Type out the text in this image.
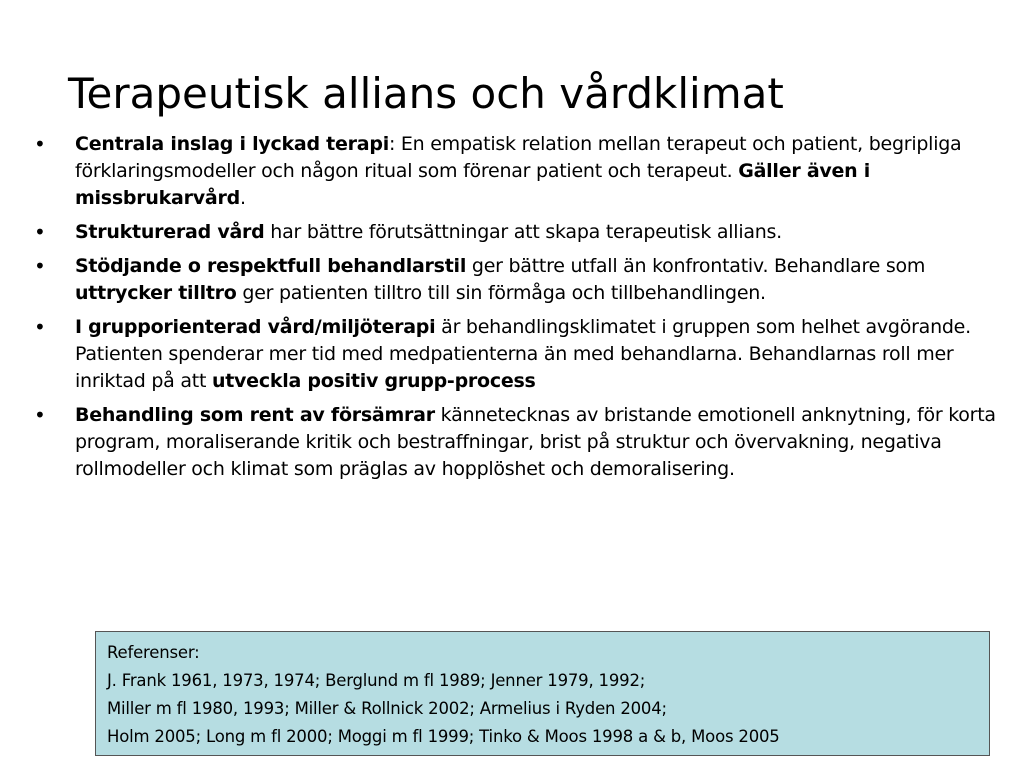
Terapeutisk allians och vårdklimat
•	Centrala inslag i lyckad terapi: En empatisk relation mellan terapeut och patient, begripliga förklaringsmodeller och någon ritual som förenar patient och terapeut. Gäller även i missbrukarvård.
•	Strukturerad vård har bättre förutsättningar att skapa terapeutisk allians.
•	Stödjande o respektfull behandlarstil ger bättre utfall än konfrontativ. Behandlare som uttrycker tilltro ger patienten tilltro till sin förmåga och tillbehandlingen.
•	I grupporienterad vård/miljöterapi är behandlingsklimatet i gruppen som helhet avgörande. Patienten spenderar mer tid med medpatienterna än med behandlarna. Behandlarnas roll mer inriktad på att utveckla positiv grupp-process
•	Behandling som rent av försämrar kännetecknas av bristande emotionell anknytning, för korta program, moraliserande kritik och bestraffningar, brist på struktur och övervakning, negativa rollmodeller och klimat som präglas av hopplöshet och demoralisering.
Referenser:
J. Frank 1961, 1973, 1974; Berglund m fl 1989; Jenner 1979, 1992;
Miller m fl 1980, 1993; Miller & Rollnick 2002; Armelius i Ryden 2004;
Holm 2005; Long m fl 2000; Moggi m fl 1999; Tinko & Moos 1998 a & b, Moos 2005
